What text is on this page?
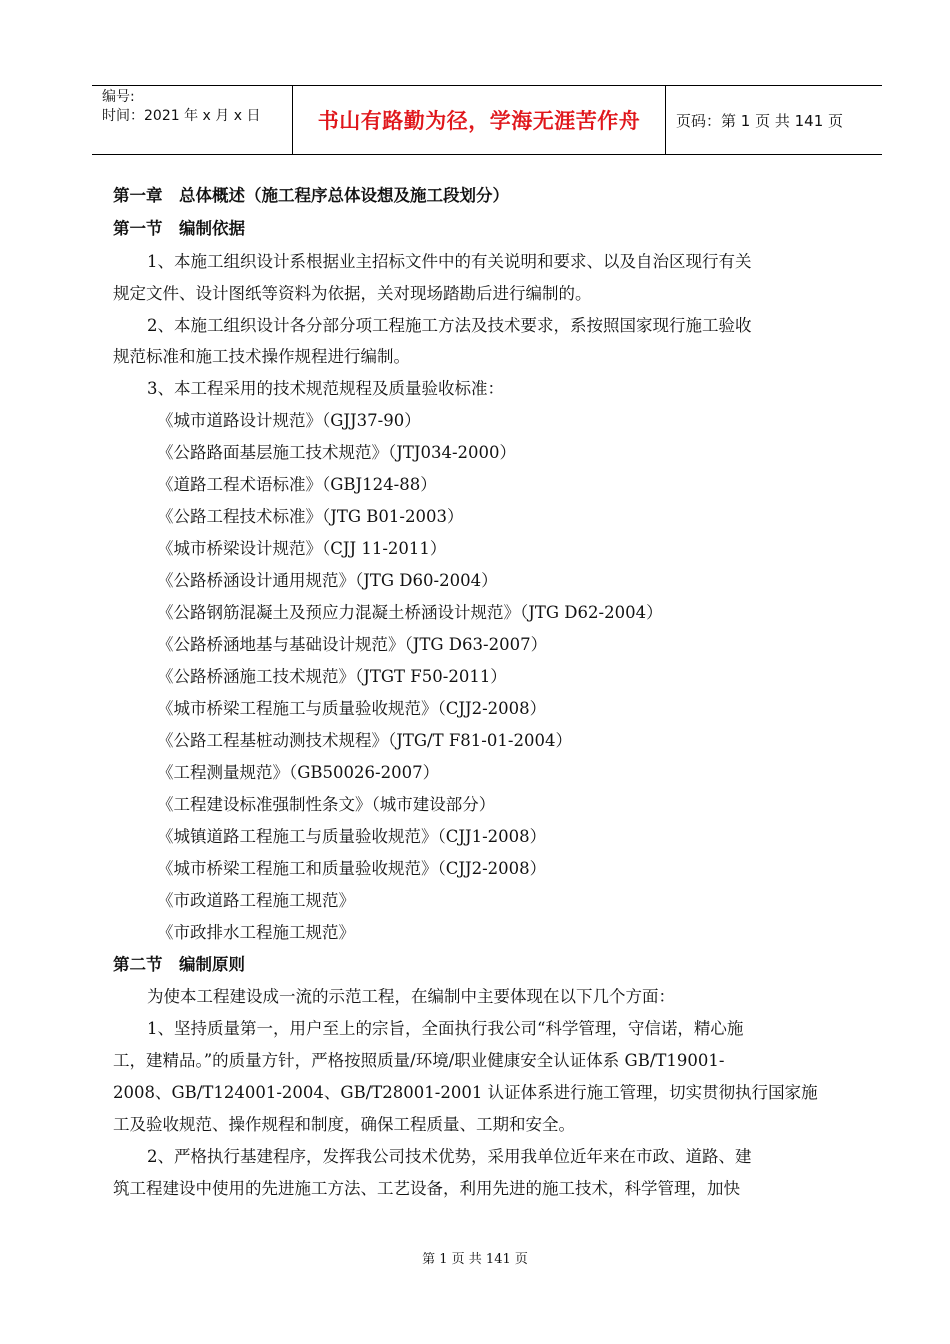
编号:
时间：2021 年 x 月 x 日	书山有路勤为径，学海无涯苦作舟	页码：第 1 页 共 141 页
第一章　总体概述（施工程序总体设想及施工段划分）
第一节　编制依据
1、本施工组织设计系根据业主招标文件中的有关说明和要求、以及自治区现行有关
规定文件、设计图纸等资料为依据，关对现场踏勘后进行编制的。
2、本施工组织设计各分部分项工程施工方法及技术要求，系按照国家现行施工验收
规范标准和施工技术操作规程进行编制。
3、本工程采用的技术规范规程及质量验收标准：
《城市道路设计规范》（GJJ37-90）
《公路路面基层施工技术规范》（JTJ034-2000）
《道路工程术语标准》（GBJ124-88）
《公路工程技术标准》（JTG B01-2003）
《城市桥梁设计规范》（CJJ 11-2011）
《公路桥涵设计通用规范》（JTG D60-2004）
《公路钢筋混凝土及预应力混凝土桥涵设计规范》（JTG D62-2004）
《公路桥涵地基与基础设计规范》（JTG D63-2007）
《公路桥涵施工技术规范》（JTGT F50-2011）
《城市桥梁工程施工与质量验收规范》（CJJ2-2008）
《公路工程基桩动测技术规程》（JTG/T F81-01-2004）
《工程测量规范》（GB50026-2007）
《工程建设标准强制性条文》（城市建设部分）
《城镇道路工程施工与质量验收规范》（CJJ1-2008）
《城市桥梁工程施工和质量验收规范》（CJJ2-2008）
《市政道路工程施工规范》
《市政排水工程施工规范》
第二节　编制原则
为使本工程建设成一流的示范工程，在编制中主要体现在以下几个方面：
1、坚持质量第一，用户至上的宗旨，全面执行我公司“科学管理，守信诺，精心施
工，建精品。”的质量方针，严格按照质量/环境/职业健康安全认证体系 GB/T19001-
2008、GB/T124001-2004、GB/T28001-2001 认证体系进行施工管理，切实贯彻执行国家施
工及验收规范、操作规程和制度，确保工程质量、工期和安全。
2、严格执行基建程序，发挥我公司技术优势，采用我单位近年来在市政、道路、建
筑工程建设中使用的先进施工方法、工艺设备，利用先进的施工技术，科学管理，加快
第 1 页 共 141 页
